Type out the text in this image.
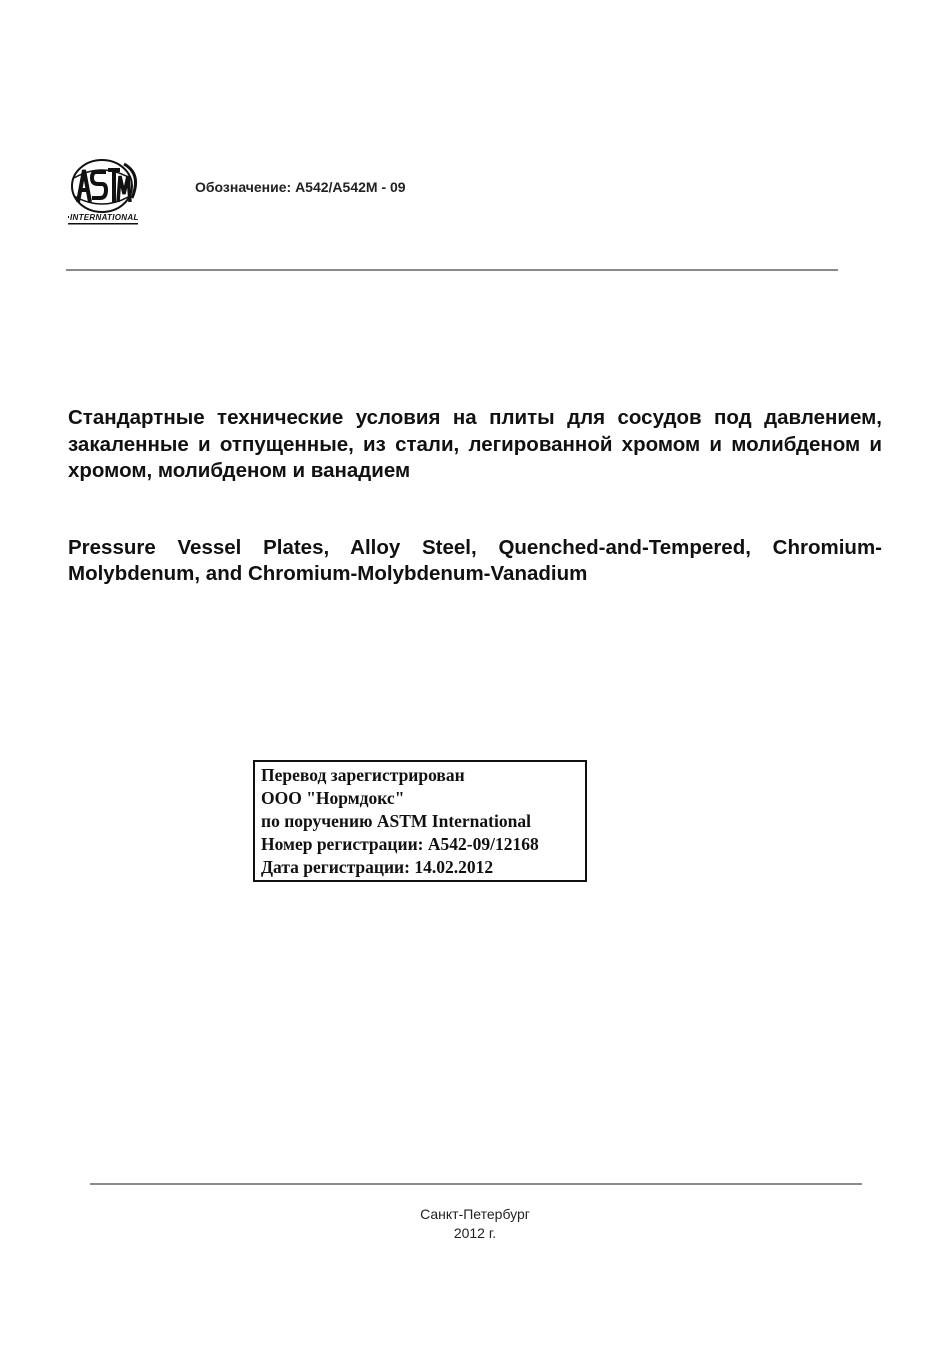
INTERNATIONAL
Обозначение: A542/A542M - 09

Стандартные технические условия на плиты для сосудов под давлением, закаленные и отпущенные, из стали, легированной хромом и молибденом и хромом, молибденом и ванадием

Pressure Vessel Plates, Alloy Steel, Quenched-and-Tempered, Chromium-Molybdenum, and Chromium-Molybdenum-Vanadium

Перевод зарегистрирован
ООО "Нормдокс"
по поручению ASTM International
Номер регистрации: A542-09/12168
Дата регистрации: 14.02.2012
Санкт-Петербург
2012 г.
